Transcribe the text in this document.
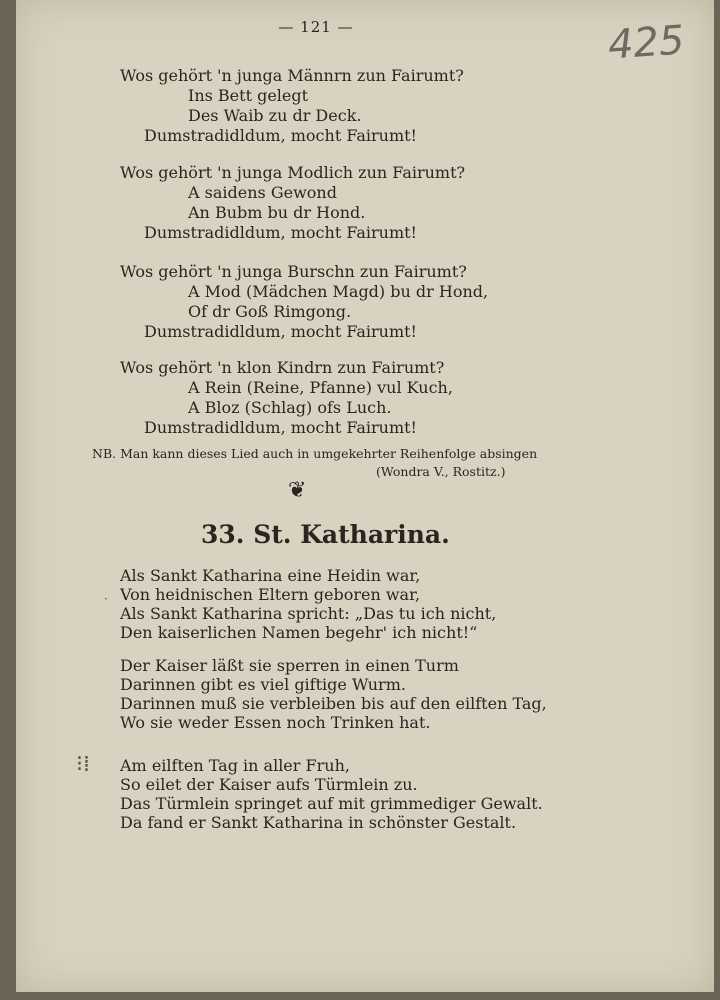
— 121 —	425
Wos gehört 'n junga Männrn zun Fairumt?
Ins Bett gelegt
Des Waib zu dr Deck.
Dumstradidldum, mocht Fairumt!
Wos gehört 'n junga Modlich zun Fairumt?
A saidens Gewond
An Bubm bu dr Hond.
Dumstradidldum, mocht Fairumt!
Wos gehört 'n junga Burschn zun Fairumt?
A Mod (Mädchen Magd) bu dr Hond,
Of dr Goß Rimgong.
Dumstradidldum, mocht Fairumt!
Wos gehört 'n klon Kindrn zun Fairumt?
A Rein (Reine, Pfanne) vul Kuch,
A Bloz (Schlag) ofs Luch.
Dumstradidldum, mocht Fairumt!
NB. Man kann dieses Lied auch in umgekehrter Reihenfolge absingen
(Wondra V., Rostitz.)
❦
33. St. Katharina.
·
Als Sankt Katharina eine Heidin war,
Von heidnischen Eltern geboren war,
Als Sankt Katharina spricht: „Das tu ich nicht,
Den kaiserlichen Namen begehr' ich nicht!“
Der Kaiser läßt sie sperren in einen Turm
Darinnen gibt es viel giftige Wurm.
Darinnen muß sie verbleiben bis auf den eilften Tag,
Wo sie weder Essen noch Trinken hat.
⁝⁞ Am eilften Tag in aller Fruh,
So eilet der Kaiser aufs Türmlein zu.
Das Türmlein springet auf mit grimmediger Gewalt.
Da fand er Sankt Katharina in schönster Gestalt.
